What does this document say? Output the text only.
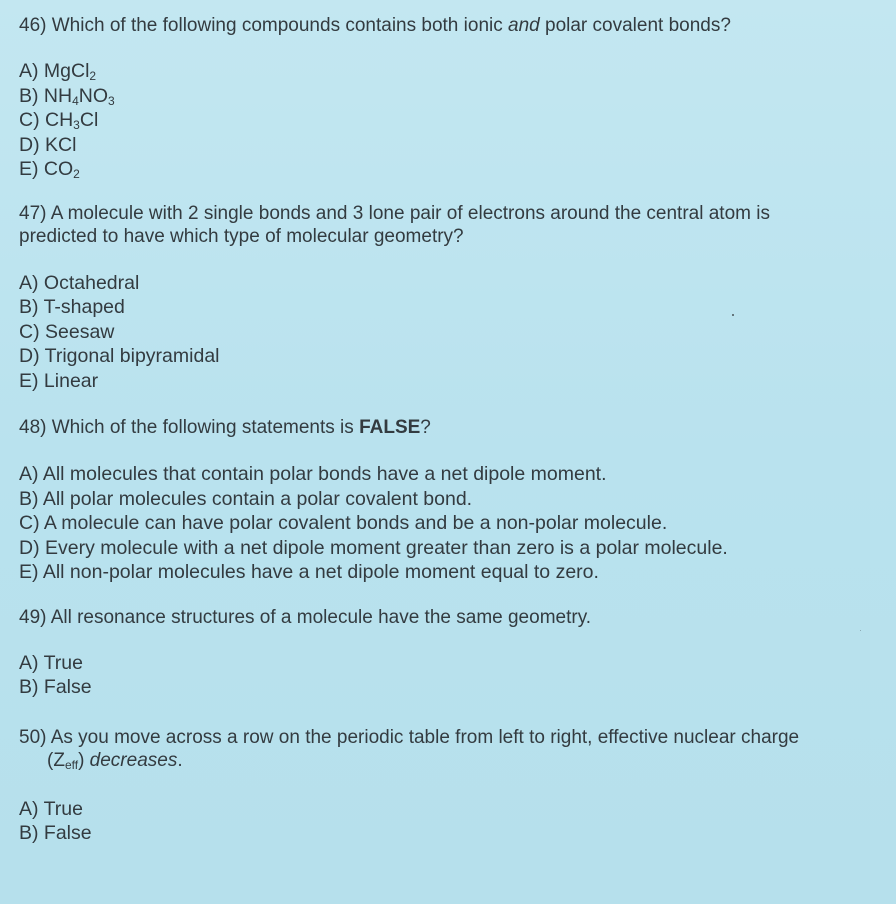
46) Which of the following compounds contains both ionic and polar covalent bonds?

A) MgCl$_2$
B) $NH_4NO_3$
C) $CH_3Cl$
D) KCl
E) $CO_2$

47) A molecule with 2 single bonds and 3 lone pair of electrons around the central atom is
predicted to have which type of molecular geometry?

A) Octahedral
B) T-shaped
C) Seesaw
D) Trigonal bipyramidal
E) Linear

48) Which of the following statements is FALSE?

A) All molecules that contain polar bonds have a net dipole moment.
B) All polar molecules contain a polar covalent bond.
C) A molecule can have polar covalent bonds and be a non-polar molecule.
D) Every molecule with a net dipole moment greater than zero is a polar molecule.
E) All non-polar molecules have a net dipole moment equal to zero.

49) All resonance structures of a molecule have the same geometry.

A) True
B) False

50) As you move across a row on the periodic table from left to right, effective nuclear charge
$(Z_{eff})$ decreases.

A) True
B) False
